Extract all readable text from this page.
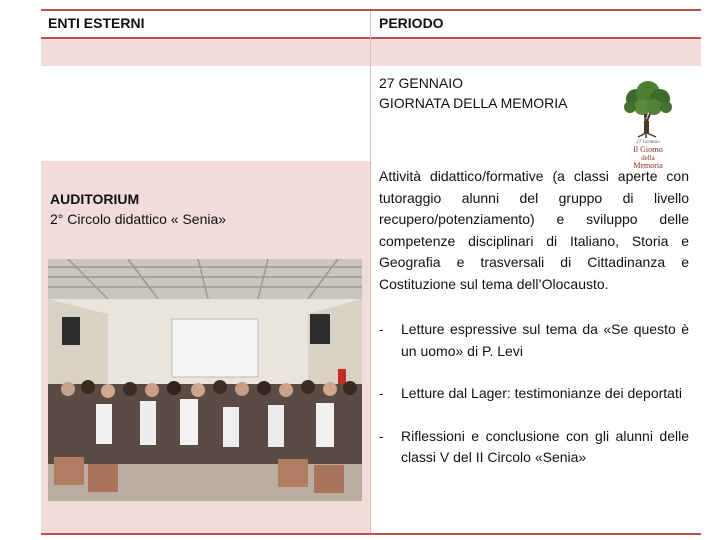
ENTI ESTERNI	PERIODO
27 GENNAIO
GIORNATA DELLA MEMORIA
27 Gennaio
Il Giorno
della
Memoria
AUDITORIUM
2° Circolo didattico « Senia»
Attività didattico/formative (a classi aperte con tutoraggio alunni del gruppo di livello recupero/potenziamento) e sviluppo delle competenze disciplinari di Italiano, Storia e Geografia e trasversali di Cittadinanza e Costituzione sul tema dell’Olocausto.
- Letture espressive sul tema da «Se questo è un uomo» di P. Levi
- Letture dal Lager: testimonianze dei deportati
- Riflessioni e conclusione con gli alunni delle classi V del II Circolo «Senia»
